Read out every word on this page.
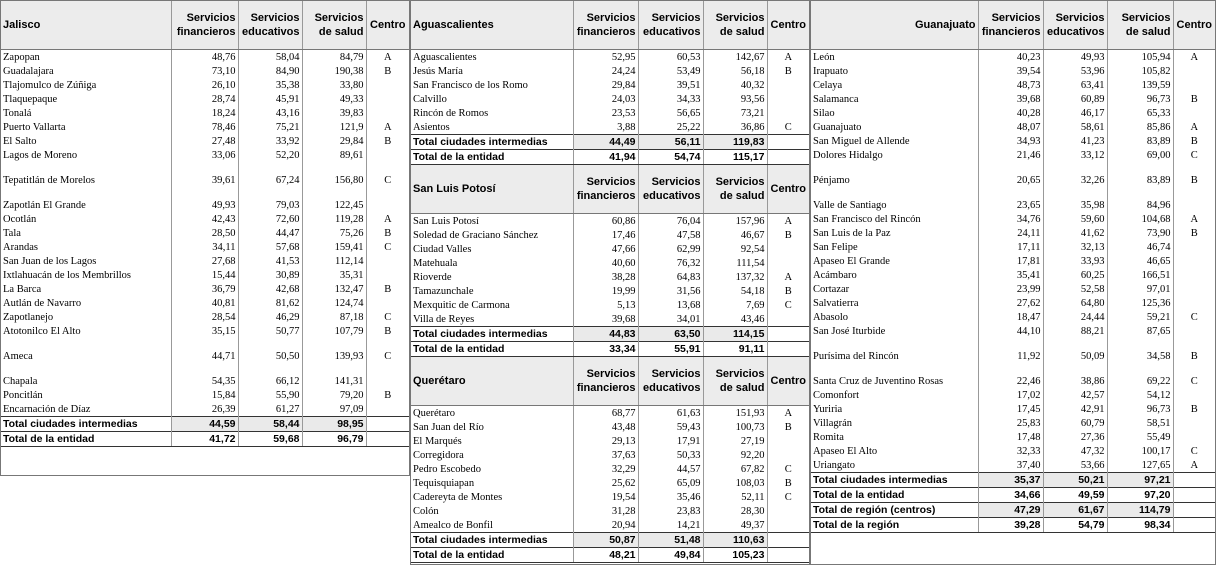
Jalisco	Servicios financieros	Servicios educativos	Servicios de salud	Centro
Zapopan	48,76	58,04	84,79	A
Guadalajara	73,10	84,90	190,38	B
Tlajomulco de Zúñiga	26,10	35,38	33,80	
Tlaquepaque	28,74	45,91	49,33	
Tonalá	18,24	43,16	39,83	
Puerto Vallarta	78,46	75,21	121,9	A
El Salto	27,48	33,92	29,84	B
Lagos de Moreno	33,06	52,20	89,61	
Tepatitlán de Morelos	39,61	67,24	156,80	C
Zapotlán El Grande	49,93	79,03	122,45	
Ocotlán	42,43	72,60	119,28	A
Tala	28,50	44,47	75,26	B
Arandas	34,11	57,68	159,41	C
San Juan de los Lagos	27,68	41,53	112,14	
Ixtlahuacán de los Membrillos	15,44	30,89	35,31	
La Barca	36,79	42,68	132,47	B
Autlán de Navarro	40,81	81,62	124,74	
Zapotlanejo	28,54	46,29	87,18	C
Atotonilco El Alto	35,15	50,77	107,79	B
Ameca	44,71	50,50	139,93	C
Chapala	54,35	66,12	141,31	
Poncitlán	15,84	55,90	79,20	B
Encarnación de Díaz	26,39	61,27	97,09	
Total ciudades intermedias	44,59	58,44	98,95	
Total de la entidad	41,72	59,68	96,79	
Aguascalientes	Servicios financieros	Servicios educativos	Servicios de salud	Centro
Aguascalientes	52,95	60,53	142,67	A
Jesús María	24,24	53,49	56,18	B
San Francisco de los Romo	29,84	39,51	40,32	
Calvillo	24,03	34,33	93,56	
Rincón de Romos	23,53	56,65	73,21	
Asientos	3,88	25,22	36,86	C
Total ciudades intermedias	44,49	56,11	119,83	
Total de la entidad	41,94	54,74	115,17	
San Luis Potosí	Servicios financieros	Servicios educativos	Servicios de salud	Centro
San Luis Potosí	60,86	76,04	157,96	A
Soledad de Graciano Sánchez	17,46	47,58	46,67	B
Ciudad Valles	47,66	62,99	92,54	
Matehuala	40,60	76,32	111,54	
Rioverde	38,28	64,83	137,32	A
Tamazunchale	19,99	31,56	54,18	B
Mexquitic de Carmona	5,13	13,68	7,69	C
Villa de Reyes	39,68	34,01	43,46	
Total ciudades intermedias	44,83	63,50	114,15	
Total de la entidad	33,34	55,91	91,11	
Querétaro	Servicios financieros	Servicios educativos	Servicios de salud	Centro
Querétaro	68,77	61,63	151,93	A
San Juan del Río	43,48	59,43	100,73	B
El Marqués	29,13	17,91	27,19	
Corregidora	37,63	50,33	92,20	
Pedro Escobedo	32,29	44,57	67,82	C
Tequisquiapan	25,62	65,09	108,03	B
Cadereyta de Montes	19,54	35,46	52,11	C
Colón	31,28	23,83	28,30	
Amealco de Bonfil	20,94	14,21	49,37	
Total ciudades intermedias	50,87	51,48	110,63	
Total de la entidad	48,21	49,84	105,23	
Guanajuato	Servicios financieros	Servicios educativos	Servicios de salud	Centro
León	40,23	49,93	105,94	A
Irapuato	39,54	53,96	105,82	
Celaya	48,73	63,41	139,59	
Salamanca	39,68	60,89	96,73	B
Silao	40,28	46,17	65,33	
Guanajuato	48,07	58,61	85,86	A
San Miguel de Allende	34,93	41,23	83,89	B
Dolores Hidalgo	21,46	33,12	69,00	C
Pénjamo	20,65	32,26	83,89	B
Valle de Santiago	23,65	35,98	84,96	
San Francisco del Rincón	34,76	59,60	104,68	A
San Luis de la Paz	24,11	41,62	73,90	B
San Felipe	17,11	32,13	46,74	
Apaseo El Grande	17,81	33,93	46,65	
Acámbaro	35,41	60,25	166,51	
Cortazar	23,99	52,58	97,01	
Salvatierra	27,62	64,80	125,36	
Abasolo	18,47	24,44	59,21	C
San José Iturbide	44,10	88,21	87,65	
Purísima del Rincón	11,92	50,09	34,58	B
Santa Cruz de Juventino Rosas	22,46	38,86	69,22	C
Comonfort	17,02	42,57	54,12	
Yuriria	17,45	42,91	96,73	B
Villagrán	25,83	60,79	58,51	
Romita	17,48	27,36	55,49	
Apaseo El Alto	32,33	47,32	100,17	C
Uriangato	37,40	53,66	127,65	A
Total ciudades intermedias	35,37	50,21	97,21	
Total de la entidad	34,66	49,59	97,20	
Total de región (centros)	47,29	61,67	114,79	
Total de la región	39,28	54,79	98,34	
